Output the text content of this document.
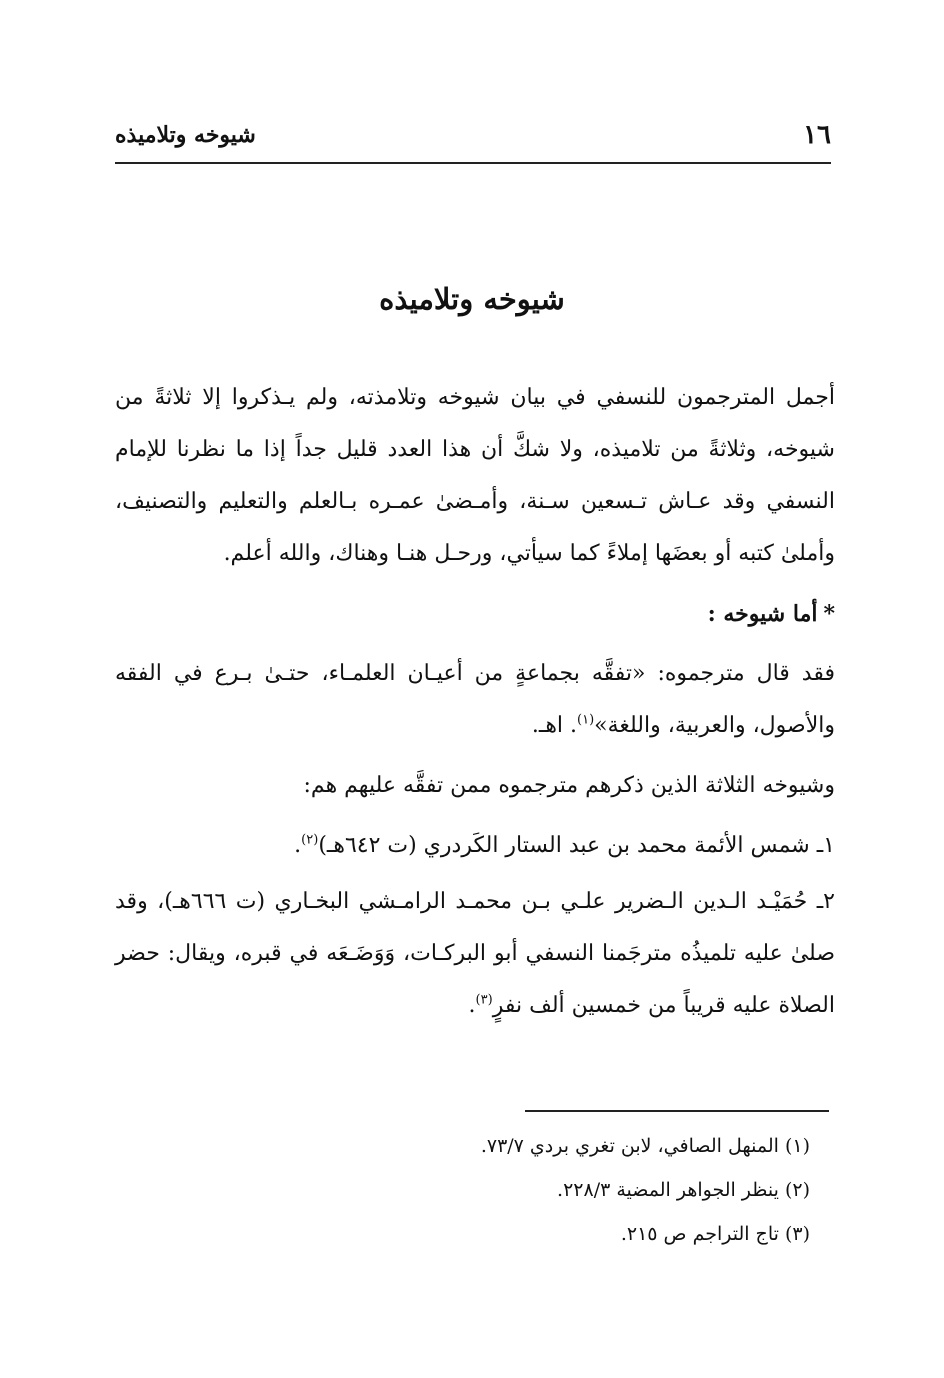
١٦
شيوخه وتلاميذه
شيوخه وتلاميذه

أجمل المترجمون للنسفي في بيان شيوخه وتلامذته، ولم يـذكروا إلا ثلاثةً من شيوخه، وثلاثةً من تلاميذه، ولا شكَّ أن هذا العدد قليل جداً إذا ما نظرنا للإمام النسفي وقد عـاش تـسعين سـنة، وأمـضىٰ عمـره بـالعلم والتعليم والتصنيف، وأملىٰ كتبه أو بعضَها إملاءً كما سيأتي، ورحـل هنـا وهناك، والله أعلم.

*أما شيوخه :

فقد قال مترجموه: «تفقَّه بجماعةٍ من أعيـان العلمـاء، حتـىٰ بـرع في الفقه والأصول، والعربية، واللغة»$^{(١)}$. اهـ.

وشيوخه الثلاثة الذين ذكرهم مترجموه ممن تفقَّه عليهم هم:

١ـ شمس الأئمة محمد بن عبد الستار الكَردري (ت ٦٤٢هـ)$^{(٢)}$.

٢ـ حُمَيْـد الـدين الـضرير علـي بـن محمـد الرامـشي البخـاري (ت ٦٦٦هـ)، وقد صلىٰ عليه تلميذُه مترجَمنا النسفي أبو البركـات، وَوَضَـعَه في قبره، ويقال: حضر الصلاة عليه قريباً من خمسين ألف نفرٍ$^{(٣)}$.

(١) المنهل الصافي، لابن تغري بردي ٧٣/٧.

(٢) ينظر الجواهر المضية ٢٢٨/٣.

(٣) تاج التراجم ص ٢١٥.
